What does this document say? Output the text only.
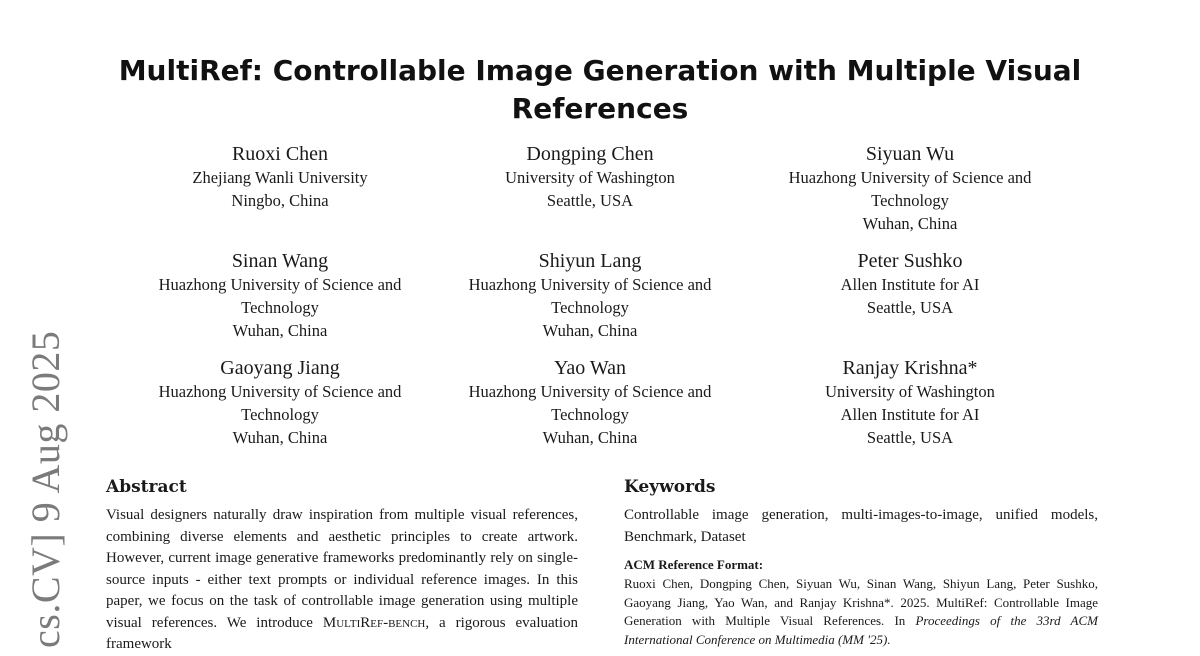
cs.CV] 9 Aug 2025
MultiRef: Controllable Image Generation with Multiple Visual References
Ruoxi Chen
Zhejiang Wanli University
Ningbo, China
Dongping Chen
University of Washington
Seattle, USA
Siyuan Wu
Huazhong University of Science and Technology
Wuhan, China
Sinan Wang
Huazhong University of Science and Technology
Wuhan, China
Shiyun Lang
Huazhong University of Science and Technology
Wuhan, China
Peter Sushko
Allen Institute for AI
Seattle, USA
Gaoyang Jiang
Huazhong University of Science and Technology
Wuhan, China
Yao Wan
Huazhong University of Science and Technology
Wuhan, China
Ranjay Krishna*
University of Washington
Allen Institute for AI
Seattle, USA
Abstract

Visual designers naturally draw inspiration from multiple visual references, combining diverse elements and aesthetic principles to create artwork. However, current image generative frameworks predominantly rely on single-source inputs - either text prompts or individual reference images. In this paper, we focus on the task of controllable image generation using multiple visual references. We introduce MultiRef-bench, a rigorous evaluation framework

Keywords

Controllable image generation, multi-images-to-image, unified models, Benchmark, Dataset

ACM Reference Format:

Ruoxi Chen, Dongping Chen, Siyuan Wu, Sinan Wang, Shiyun Lang, Peter Sushko, Gaoyang Jiang, Yao Wan, and Ranjay Krishna*. 2025. MultiRef: Controllable Image Generation with Multiple Visual References. In Proceedings of the 33rd ACM International Conference on Multimedia (MM '25).
